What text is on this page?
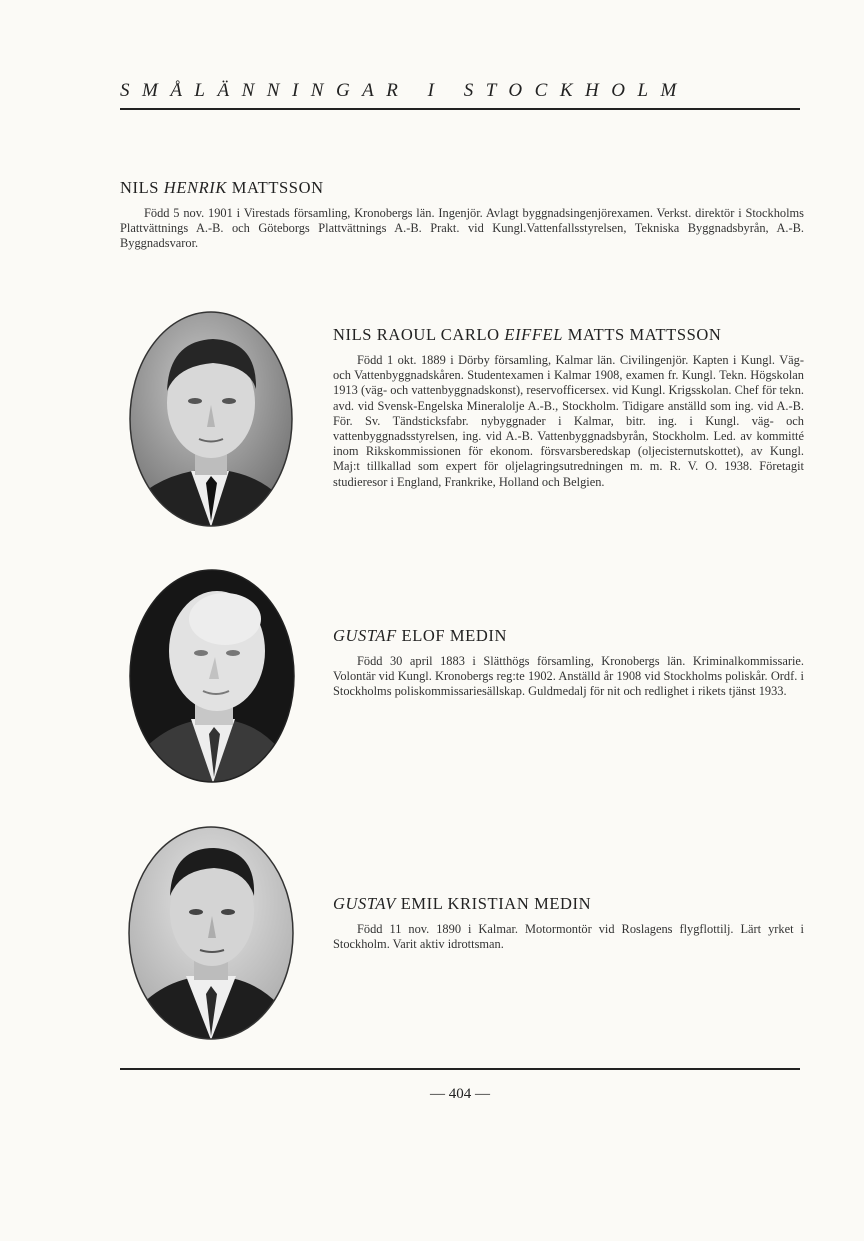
SMÅLÄNNINGAR I STOCKHOLM
NILS HENRIK MATTSSON

Född 5 nov. 1901 i Virestads församling, Kronobergs län. Ingenjör. Avlagt byggnadsingenjörexamen. Verkst. direktör i Stockholms Plattvättnings A.-B. och Göteborgs Plattvättnings A.-B. Prakt. vid Kungl.Vattenfallsstyrelsen, Tekniska Byggnadsbyrån, A.-B. Byggnadsvaror.

NILS RAOUL CARLO EIFFEL MATTS MATTSSON

Född 1 okt. 1889 i Dörby församling, Kalmar län. Civilingenjör. Kapten i Kungl. Väg- och Vattenbyggnadskåren. Studentexamen i Kalmar 1908, examen fr. Kungl. Tekn. Högskolan 1913 (väg- och vattenbyggnadskonst), reservofficersex. vid Kungl. Krigsskolan. Chef för tekn. avd. vid Svensk-Engelska Mineralolje A.-B., Stockholm. Tidigare anställd som ing. vid A.-B. För. Sv. Tändsticksfabr. nybyggnader i Kalmar, bitr. ing. i Kungl. väg- och vattenbyggnadsstyrelsen, ing. vid A.-B. Vattenbyggnadsbyrån, Stockholm. Led. av kommitté inom Rikskommissionen för ekonom. försvarsberedskap (oljecisternutskottet), av Kungl. Maj:t tillkallad som expert för oljelagringsutredningen m. m. R. V. O. 1938. Företagit studieresor i England, Frankrike, Holland och Belgien.

GUSTAF ELOF MEDIN

Född 30 april 1883 i Slätthögs församling, Kronobergs län. Kriminalkommissarie. Volontär vid Kungl. Kronobergs reg:te 1902. Anställd år 1908 vid Stockholms poliskår. Ordf. i Stockholms poliskommissariesällskap. Guldmedalj för nit och redlighet i rikets tjänst 1933.

GUSTAV EMIL KRISTIAN MEDIN

Född 11 nov. 1890 i Kalmar. Motormontör vid Roslagens flygflottilj. Lärt yrket i Stockholm. Varit aktiv idrottsman.

— 404 —
